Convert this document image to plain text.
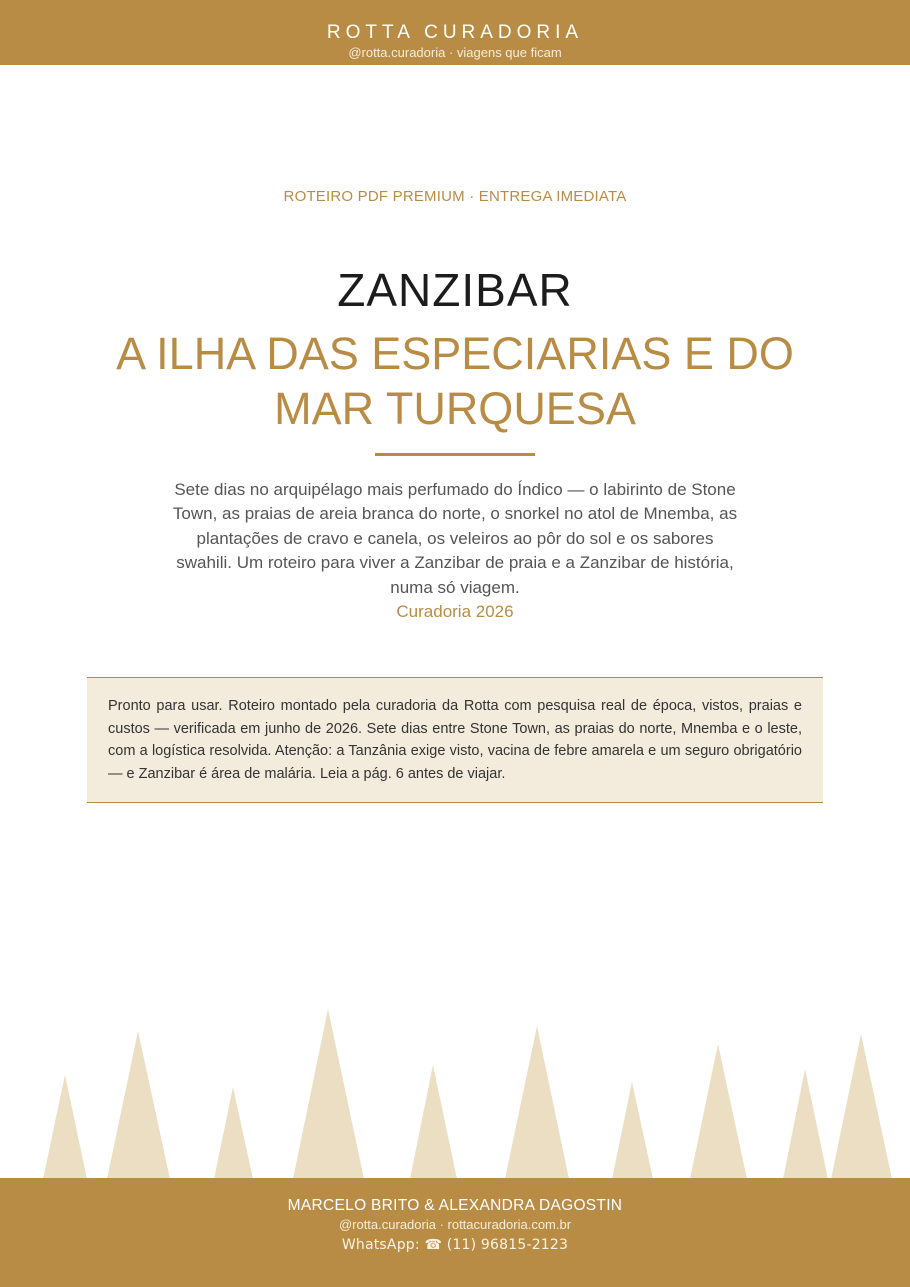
ROTTA CURADORIA
@rotta.curadoria · viagens que ficam
ROTEIRO PDF PREMIUM · ENTREGA IMEDIATA
ZANZIBAR
A ILHA DAS ESPECIARIAS E DO MAR TURQUESA
Sete dias no arquipélago mais perfumado do Índico — o labirinto de Stone Town, as praias de areia branca do norte, o snorkel no atol de Mnemba, as plantações de cravo e canela, os veleiros ao pôr do sol e os sabores swahili. Um roteiro para viver a Zanzibar de praia e a Zanzibar de história, numa só viagem.
Curadoria 2026

Pronto para usar. Roteiro montado pela curadoria da Rotta com pesquisa real de época, vistos, praias e custos — verificada em junho de 2026. Sete dias entre Stone Town, as praias do norte, Mnemba e o leste, com a logística resolvida. Atenção: a Tanzânia exige visto, vacina de febre amarela e um seguro obrigatório — e Zanzibar é área de malária. Leia a pág. 6 antes de viajar.

MARCELO BRITO & ALEXANDRA DAGOSTIN
@rotta.curadoria · rottacuradoria.com.br
WhatsApp: ☎ (11) 96815-2123
